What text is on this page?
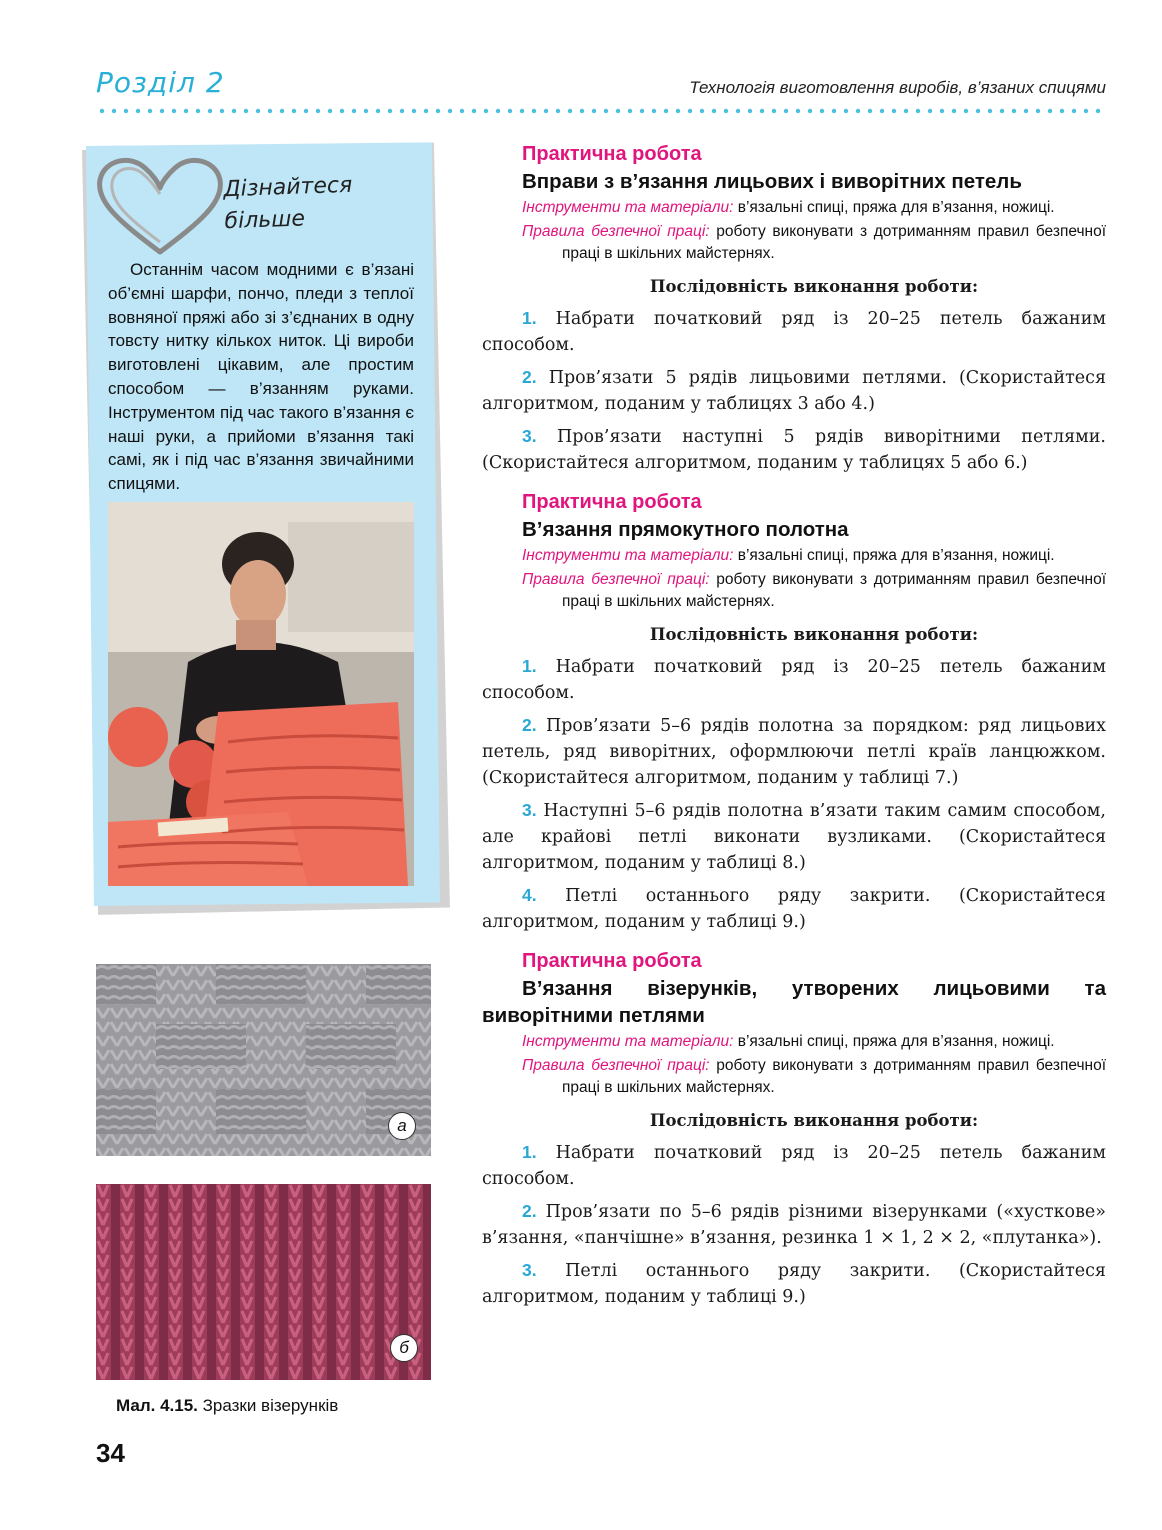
Розділ 2	Технологія виготовлення виробів, в’язаних спицями
Дізнайтеся
більше

Останнім часом модними є в’язані об’ємні шарфи, пончо, пледи з теплої вовняної пряжі або зі з’єднаних в одну товсту нитку кількох ниток. Ці вироби виготовлені цікавим, але простим способом — в’язанням руками. Інструментом під час такого в’язання є наші руки, а прийоми в’язання такі самі, як і під час в’язання звичайними спицями.

а
б
Мал. 4.15. Зразки візерунків
34
Практична робота
Вправи з в’язання лицьових і виворітних петель
Інструменти та матеріали: в’язальні спиці, пряжа для в’язання, ножиці.
Правила безпечної праці: роботу виконувати з дотриманням правил безпечної праці в шкільних майстернях.
Послідовність виконання роботи:

1. Набрати початковий ряд із 20–25 петель бажаним способом.

2. Пров’язати 5 рядів лицьовими петлями. (Скористайтеся алгоритмом, поданим у таблицях 3 або 4.)

3. Пров’язати наступні 5 рядів виворітними петлями. (Скористайтеся алгоритмом, поданим у таблицях 5 або 6.)

Практична робота
В’язання прямокутного полотна
Інструменти та матеріали: в’язальні спиці, пряжа для в’язання, ножиці.
Правила безпечної праці: роботу виконувати з дотриманням правил безпечної праці в шкільних майстернях.
Послідовність виконання роботи:

1. Набрати початковий ряд із 20–25 петель бажаним способом.

2. Пров’язати 5–6 рядів полотна за порядком: ряд лицьових петель, ряд виворітних, оформлюючи петлі країв ланцюжком. (Скористайтеся алгоритмом, поданим у таблиці 7.)

3. Наступні 5–6 рядів полотна в’язати таким самим способом, але крайові петлі виконати вузликами. (Скористайтеся алгоритмом, поданим у таблиці 8.)

4. Петлі останнього ряду закрити. (Скористайтеся алгоритмом, поданим у таблиці 9.)

Практична робота
В’язання візерунків, утворених лицьовими та виворітними петлями
Інструменти та матеріали: в’язальні спиці, пряжа для в’язання, ножиці.
Правила безпечної праці: роботу виконувати з дотриманням правил безпечної праці в шкільних майстернях.
Послідовність виконання роботи:

1. Набрати початковий ряд із 20–25 петель бажаним способом.

2. Пров’язати по 5–6 рядів різними візерунками («хусткове» в’язання, «панчішне» в’язання, резинка 1 × 1, 2 × 2, «плутанка»).

3. Петлі останнього ряду закрити. (Скористайтеся алгоритмом, поданим у таблиці 9.)
